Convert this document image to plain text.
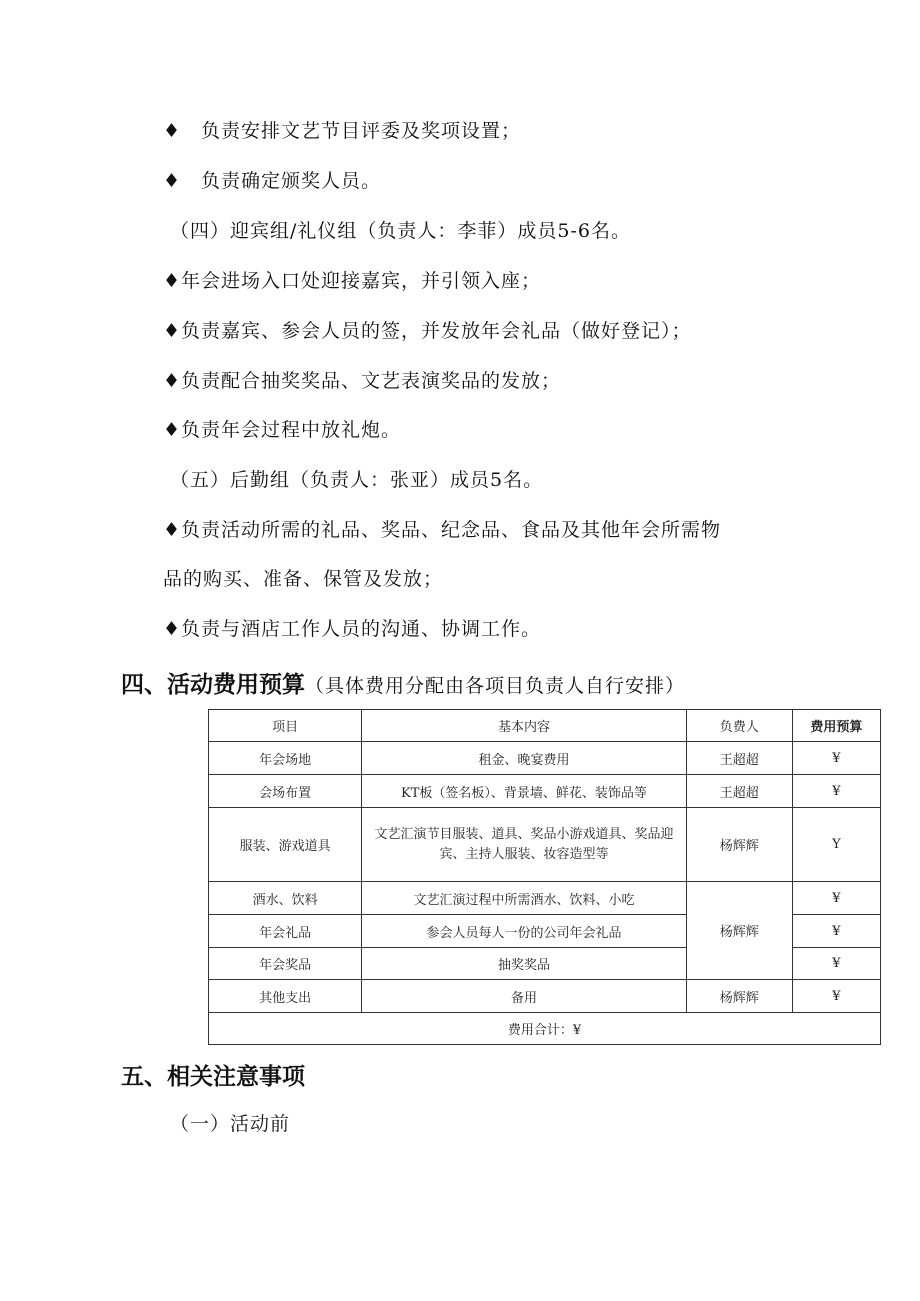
♦ 负责安排文艺节目评委及奖项设置；
♦ 负责确定颁奖人员。
（四）迎宾组/礼仪组（负责人：李菲）成员5-6名。
♦年会进场入口处迎接嘉宾，并引领入座；
♦负责嘉宾、参会人员的签，并发放年会礼品（做好登记）；
♦负责配合抽奖奖品、文艺表演奖品的发放；
♦负责年会过程中放礼炮。
（五）后勤组（负责人：张亚）成员5名。
♦负责活动所需的礼品、奖品、纪念品、食品及其他年会所需物
品的购买、准备、保管及发放；
♦负责与酒店工作人员的沟通、协调工作。
四、活动费用预算（具体费用分配由各项目负责人自行安排）
项目	基本内容	负费人	费用预算
年会场地	租金、晚宴费用	王超超	¥
会场布置	KT板（签名板）、背景墙、鲜花、装饰品等	王超超	¥
服装、游戏道具	文艺汇演节目服装、道具、奖品小游戏道具、奖品迎
宾、主持人服装、妆容造型等	杨辉辉	Y
酒水、饮料	文艺汇演过程中所需酒水、饮料、小吃	杨辉辉	¥
年会礼品	参会人员每人一份的公司年会礼品		¥
年会奖品	抽奖奖品		¥
其他支出	备用	杨辉辉	¥
费用合计：¥			
五、相关注意事项
（一）活动前
